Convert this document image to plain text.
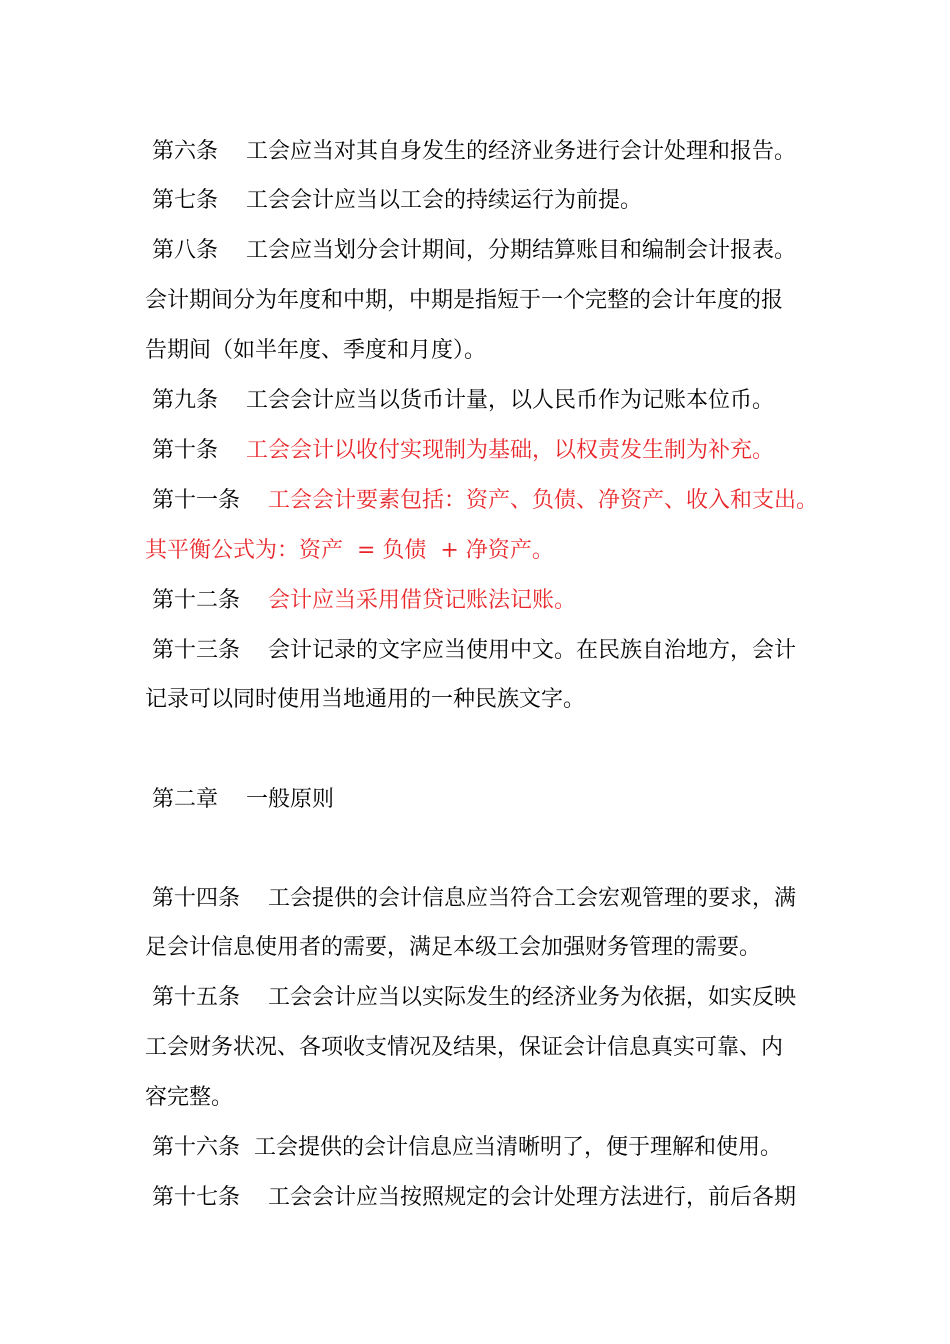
第六条    工会应当对其自身发生的经济业务进行会计处理和报告。

第七条    工会会计应当以工会的持续运行为前提。

第八条    工会应当划分会计期间，分期结算账目和编制会计报表。

会计期间分为年度和中期，中期是指短于一个完整的会计年度的报

告期间（如半年度、季度和月度）。

第九条    工会会计应当以货币计量，以人民币作为记账本位币。

第十条    工会会计以收付实现制为基础，以权责发生制为补充。

第十一条    工会会计要素包括：资产、负债、净资产、收入和支出。

其平衡公式为：资产  = 负债  + 净资产。

第十二条    会计应当采用借贷记账法记账。

第十三条    会计记录的文字应当使用中文。在民族自治地方，会计

记录可以同时使用当地通用的一种民族文字。

第二章    一般原则

第十四条    工会提供的会计信息应当符合工会宏观管理的要求，满

足会计信息使用者的需要，满足本级工会加强财务管理的需要。

第十五条    工会会计应当以实际发生的经济业务为依据，如实反映

工会财务状况、各项收支情况及结果，保证会计信息真实可靠、内

容完整。

第十六条  工会提供的会计信息应当清晰明了，便于理解和使用。

第十七条    工会会计应当按照规定的会计处理方法进行，前后各期
